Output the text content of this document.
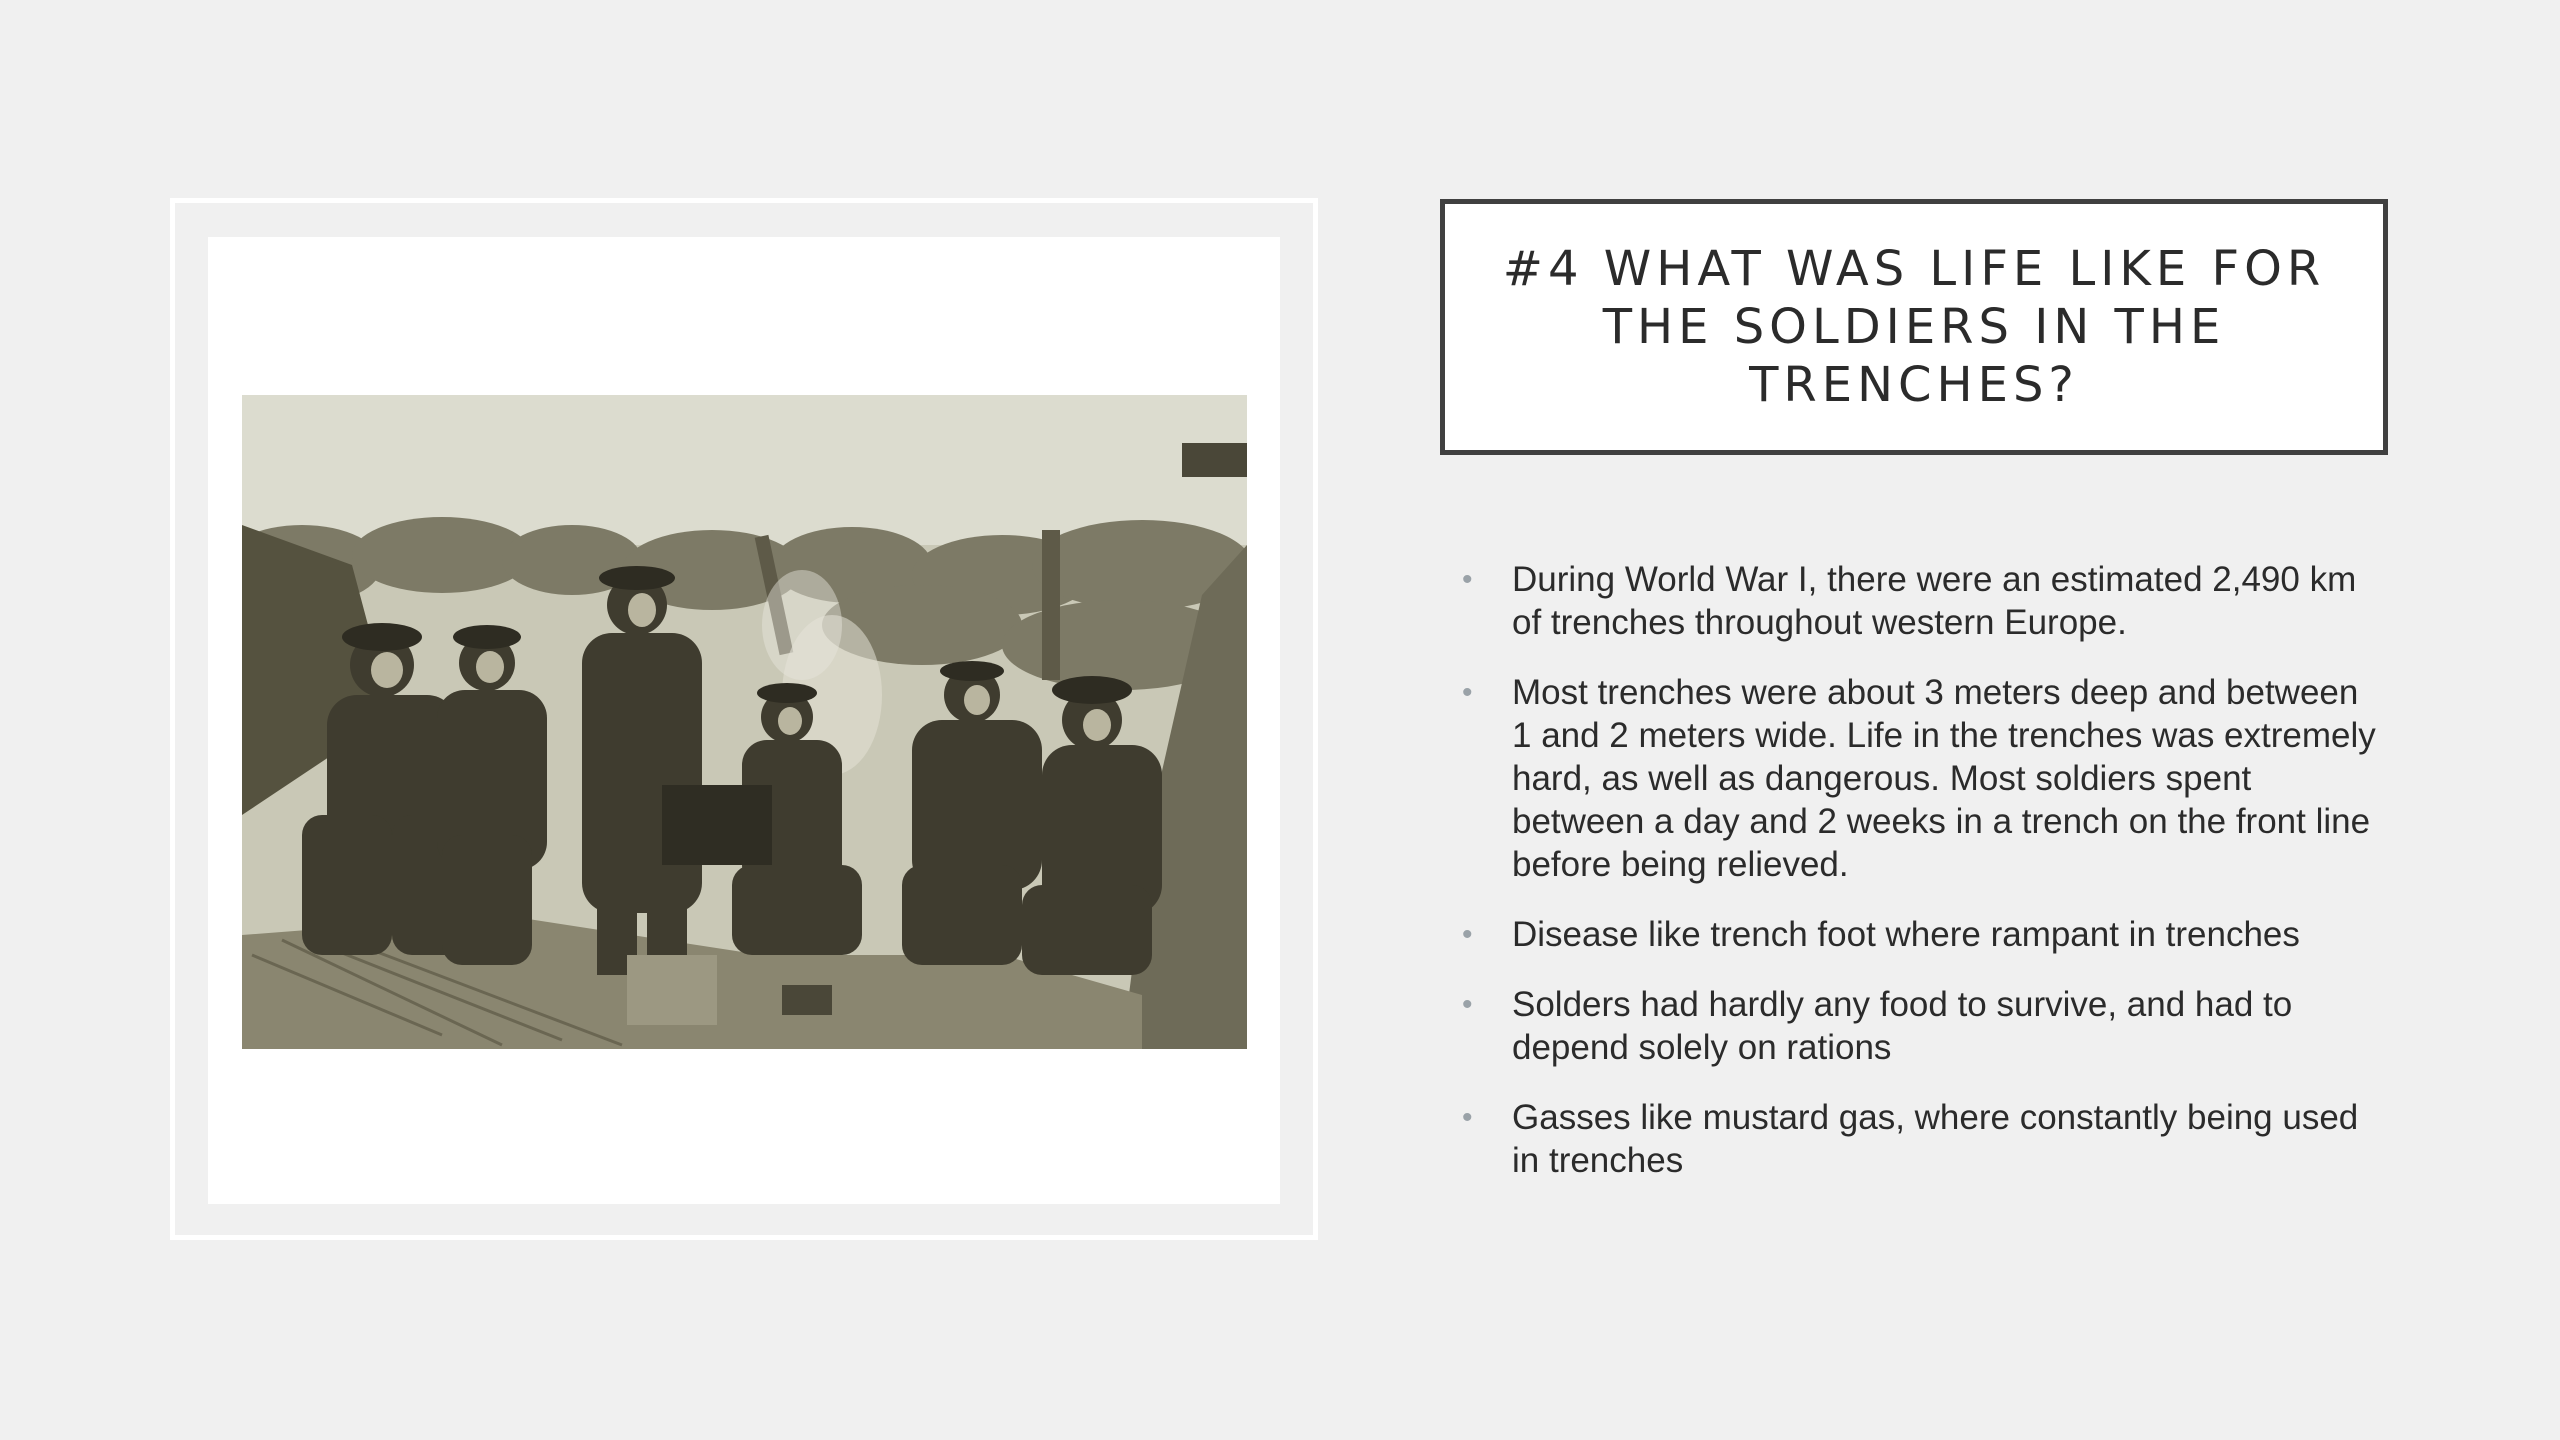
#4 WHAT WAS LIFE LIKE FOR
THE SOLDIERS IN THE
TRENCHES?
• During World War I, there were an estimated 2,490 km of trenches throughout western Europe.
• Most trenches were about 3 meters deep and between 1 and 2 meters wide. Life in the trenches was extremely hard, as well as dangerous. Most soldiers spent between a day and 2 weeks in a trench on the front line before being relieved.
• Disease like trench foot where rampant in trenches
• Solders had hardly any food to survive, and had to depend solely on rations
• Gasses like mustard gas, where constantly being used in trenches
